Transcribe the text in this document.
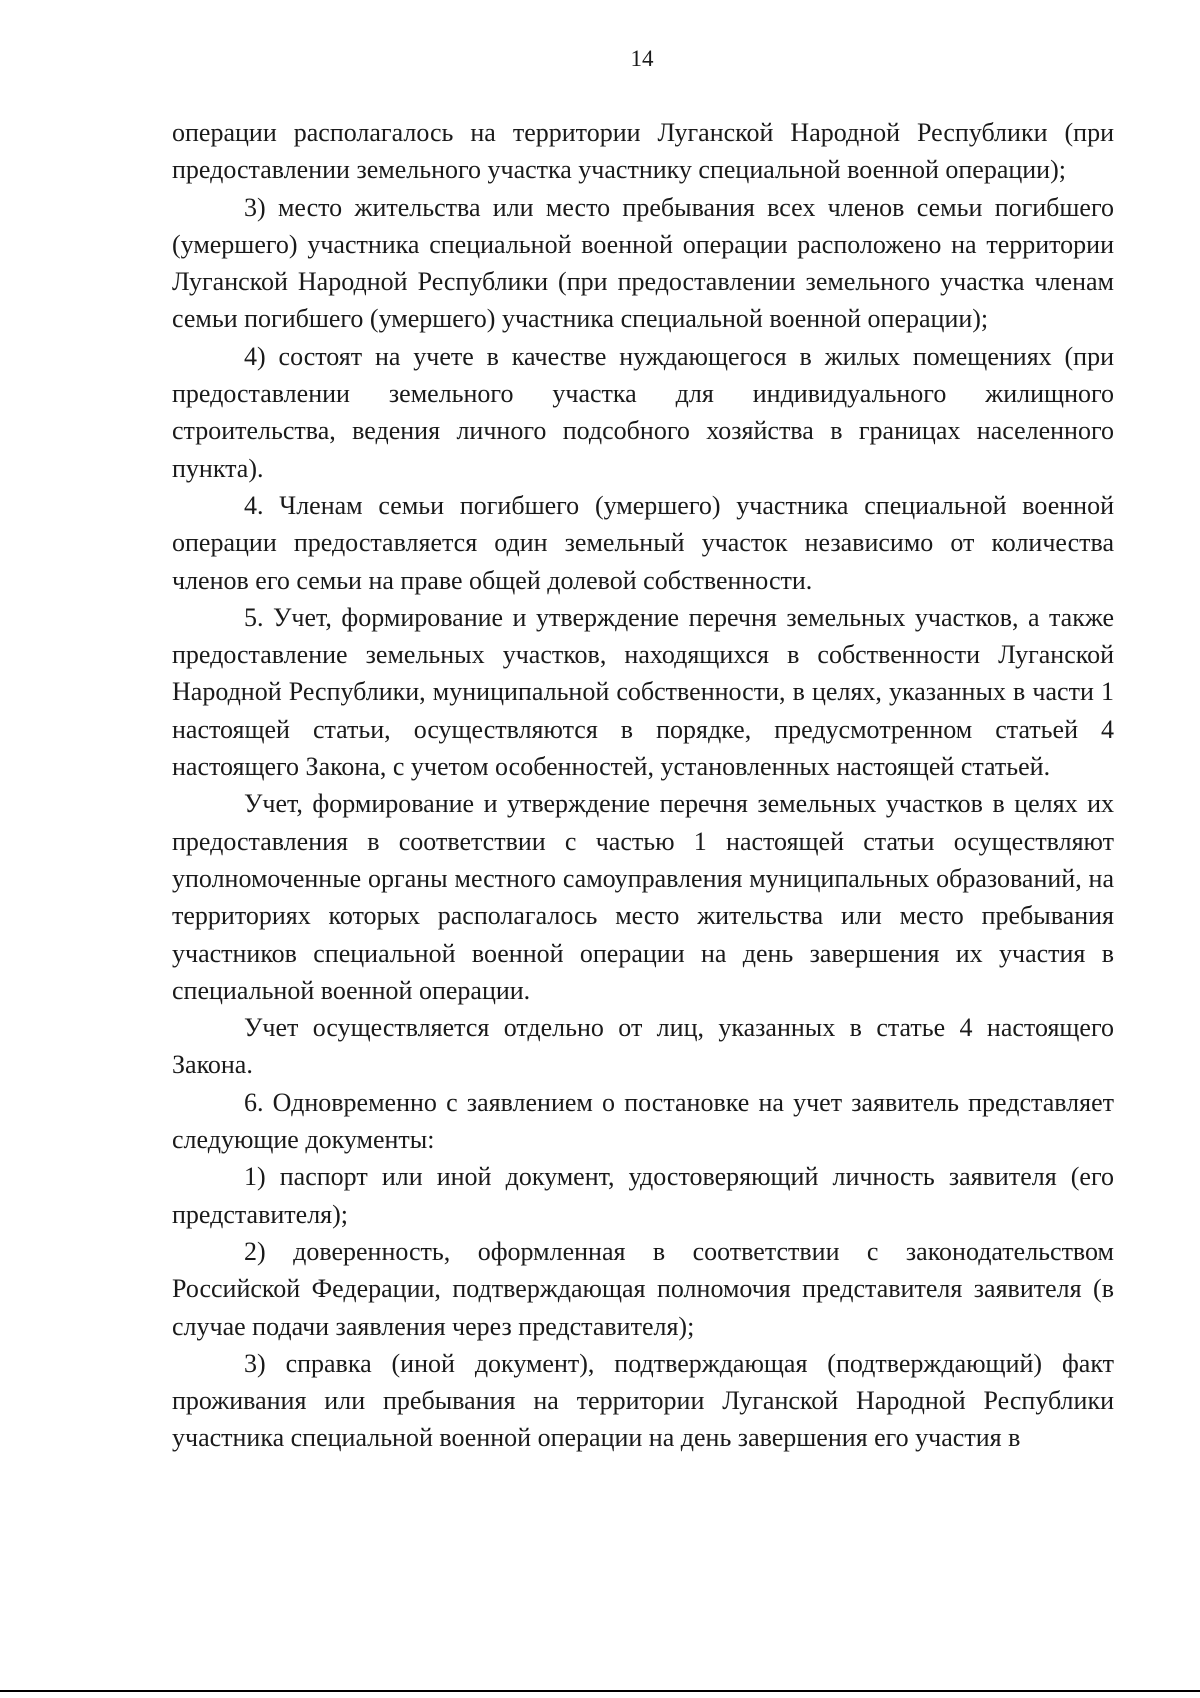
14

операции располагалось на территории Луганской Народной Республики (при предоставлении земельного участка участнику специальной военной операции);

3) место жительства или место пребывания всех членов семьи погибшего (умершего) участника специальной военной операции расположено на территории Луганской Народной Республики (при предоставлении земельного участка членам семьи погибшего (умершего) участника специальной военной операции);

4) состоят на учете в качестве нуждающегося в жилых помещениях (при предоставлении земельного участка для индивидуального жилищного строительства, ведения личного подсобного хозяйства в границах населенного пункта).

4. Членам семьи погибшего (умершего) участника специальной военной операции предоставляется один земельный участок независимо от количества членов его семьи на праве общей долевой собственности.

5. Учет, формирование и утверждение перечня земельных участков, а также предоставление земельных участков, находящихся в собственности Луганской Народной Республики, муниципальной собственности, в целях, указанных в части 1 настоящей статьи, осуществляются в порядке, предусмотренном статьей 4 настоящего Закона, с учетом особенностей, установленных настоящей статьей.

Учет, формирование и утверждение перечня земельных участков в целях их предоставления в соответствии с частью 1 настоящей статьи осуществляют уполномоченные органы местного самоуправления муниципальных образований, на территориях которых располагалось место жительства или место пребывания участников специальной военной операции на день завершения их участия в специальной военной операции.

Учет осуществляется отдельно от лиц, указанных в статье 4 настоящего Закона.

6. Одновременно с заявлением о постановке на учет заявитель представляет следующие документы:

1) паспорт или иной документ, удостоверяющий личность заявителя (его представителя);

2) доверенность, оформленная в соответствии с законодательством Российской Федерации, подтверждающая полномочия представителя заявителя (в случае подачи заявления через представителя);

3) справка (иной документ), подтверждающая (подтверждающий) факт проживания или пребывания на территории Луганской Народной Республики участника специальной военной операции на день завершения его участия в
